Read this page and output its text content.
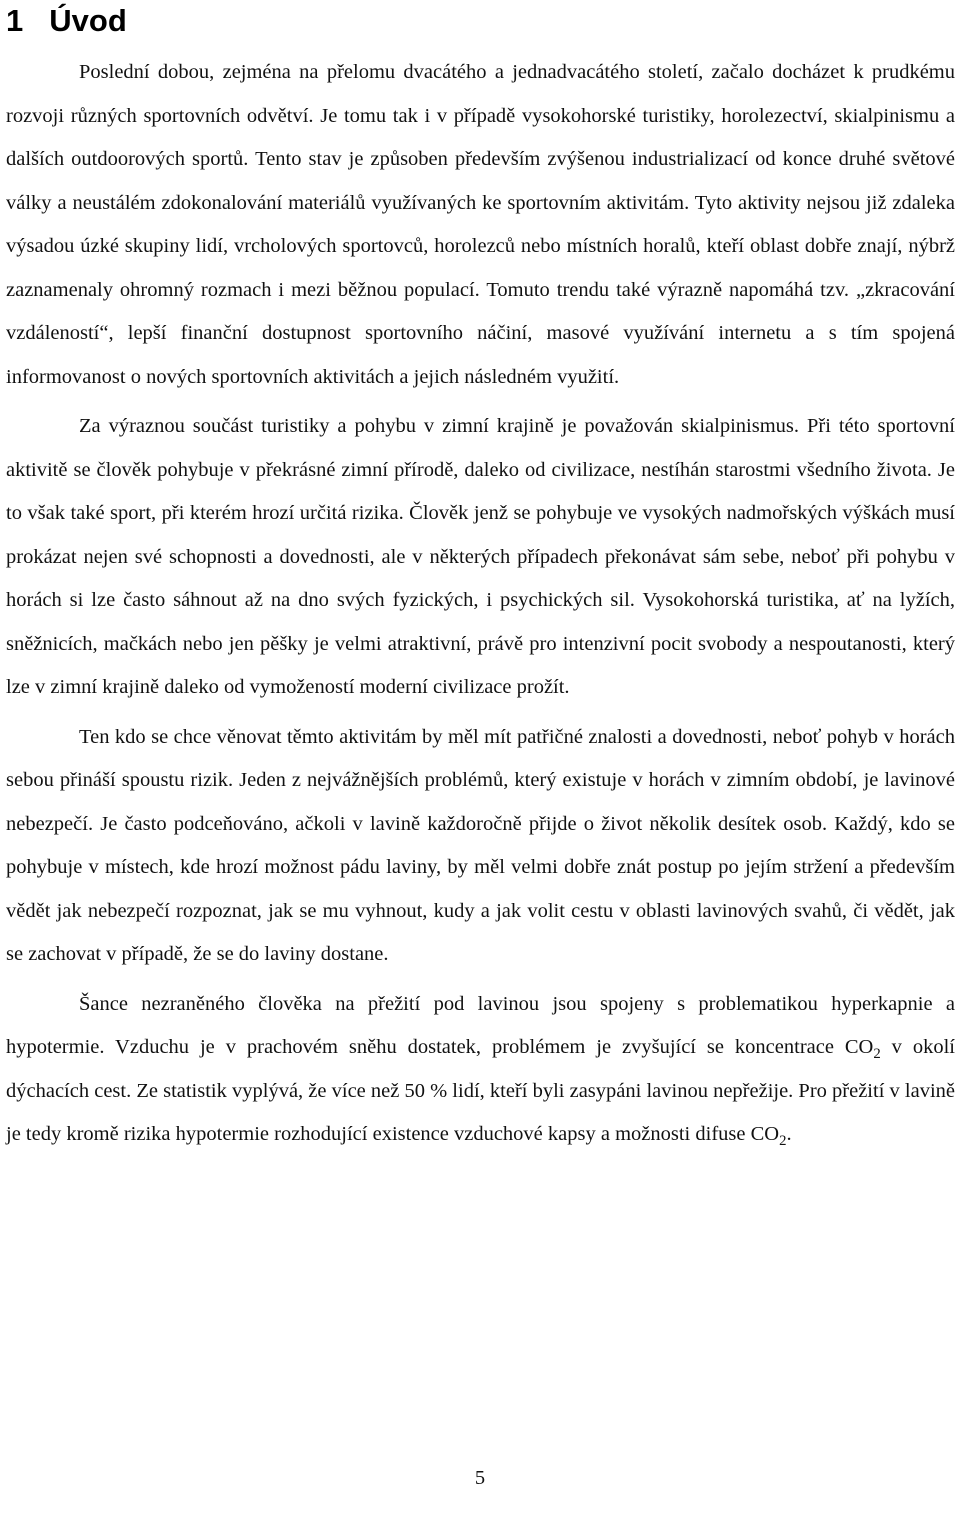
1 Úvod

Poslední dobou, zejména na přelomu dvacátého a jednadvacátého století, začalo docházet k prudkému rozvoji různých sportovních odvětví. Je tomu tak i v případě vysokohorské turistiky, horolezectví, skialpinismu a dalších outdoorových sportů. Tento stav je způsoben především zvýšenou industrializací od konce druhé světové války a neustálém zdokonalování materiálů využívaných ke sportovním aktivitám. Tyto aktivity nejsou již zdaleka výsadou úzké skupiny lidí, vrcholových sportovců, horolezců nebo místních horalů, kteří oblast dobře znají, nýbrž zaznamenaly ohromný rozmach i mezi běžnou populací. Tomuto trendu také výrazně napomáhá tzv. „zkracování vzdáleností“, lepší finanční dostupnost sportovního náčiní, masové využívání internetu a s tím spojená informovanost o nových sportovních aktivitách a jejich následném využití.

Za výraznou součást turistiky a pohybu v zimní krajině je považován skialpinismus. Při této sportovní aktivitě se člověk pohybuje v překrásné zimní přírodě, daleko od civilizace, nestíhán starostmi všedního života. Je to však také sport, při kterém hrozí určitá rizika. Člověk jenž se pohybuje ve vysokých nadmořských výškách musí prokázat nejen své schopnosti a dovednosti, ale v některých případech překonávat sám sebe, neboť při pohybu v horách si lze často sáhnout až na dno svých fyzických, i psychických sil. Vysokohorská turistika, ať na lyžích, sněžnicích, mačkách nebo jen pěšky je velmi atraktivní, právě pro intenzivní pocit svobody a nespoutanosti, který lze v zimní krajině daleko od vymožeností moderní civilizace prožít.

Ten kdo se chce věnovat těmto aktivitám by měl mít patřičné znalosti a dovednosti, neboť pohyb v horách sebou přináší spoustu rizik. Jeden z nejvážnějších problémů, který existuje v horách v zimním období, je lavinové nebezpečí. Je často podceňováno, ačkoli v lavině každoročně přijde o život několik desítek osob. Každý, kdo se pohybuje v místech, kde hrozí možnost pádu laviny, by měl velmi dobře znát postup po jejím stržení a především vědět jak nebezpečí rozpoznat, jak se mu vyhnout, kudy a jak volit cestu v oblasti lavinových svahů, či vědět, jak se zachovat v případě, že se do laviny dostane.

Šance nezraněného člověka na přežití pod lavinou jsou spojeny s problematikou hyperkapnie a hypotermie. Vzduchu je v prachovém sněhu dostatek, problémem je zvyšující se koncentrace $CO_2$ v okolí dýchacích cest. Ze statistik vyplývá, že více než 50 % lidí, kteří byli zasypáni lavinou nepřežije. Pro přežití v lavině je tedy kromě rizika hypotermie rozhodující existence vzduchové kapsy a možnosti difuse $CO_2$.

5
